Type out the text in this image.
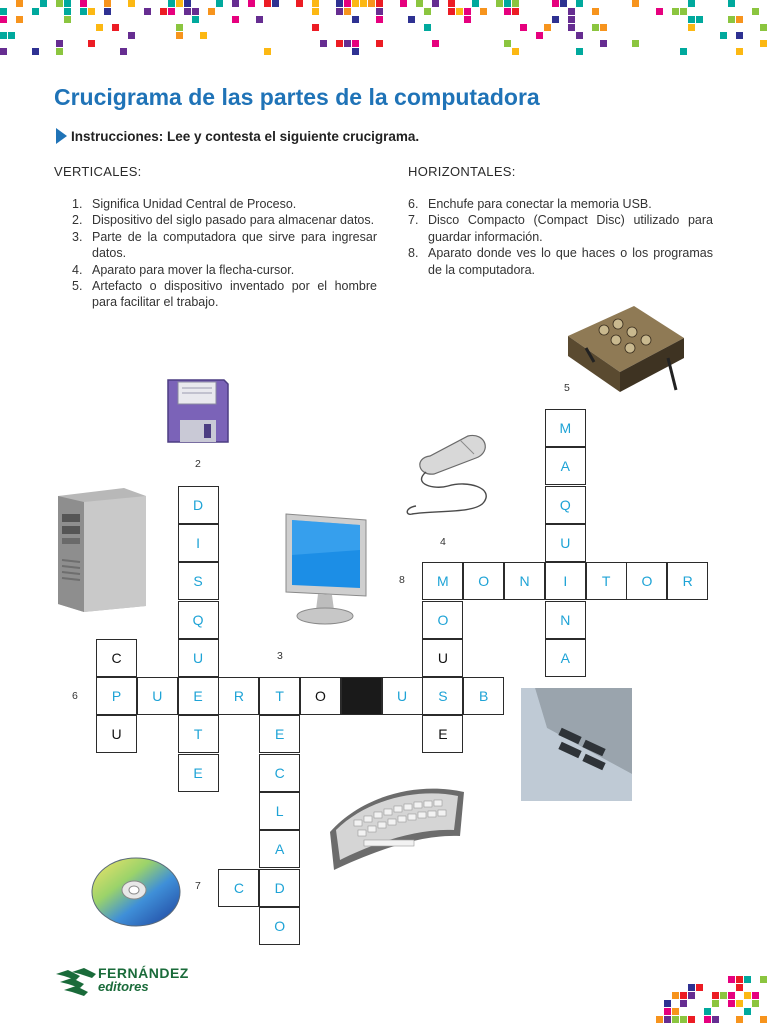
Crucigrama de las partes de la computadora
Instrucciones: Lee y contesta el siguiente crucigrama.
VERTICALES:	HORIZONTALES:
1. Significa Unidad Central de Proceso.
2. Dispositivo del siglo pasado para almacenar datos.
3. Parte de la computadora que sirve para ingresar datos.
4. Aparato para mover la flecha-cursor.
5. Artefacto o dispositivo inventado por el hombre para facilitar el trabajo.
6. Enchufe para conectar la memoria USB.
7. Disco Compacto (Compact Disc) utilizado para guardar información.
8. Aparato donde ves lo que haces o los programas de la computadora.
2
3
4
5
6
7
8
P	U	E	R	T	O	U	S	B
M	O	N	I	T	O	R
C
U
D
I
S
Q
U
T
E
E
C
L
A
D
O
O
U
E
M
A
Q
U
N
A
C
FERNÁNDEZ
editores
